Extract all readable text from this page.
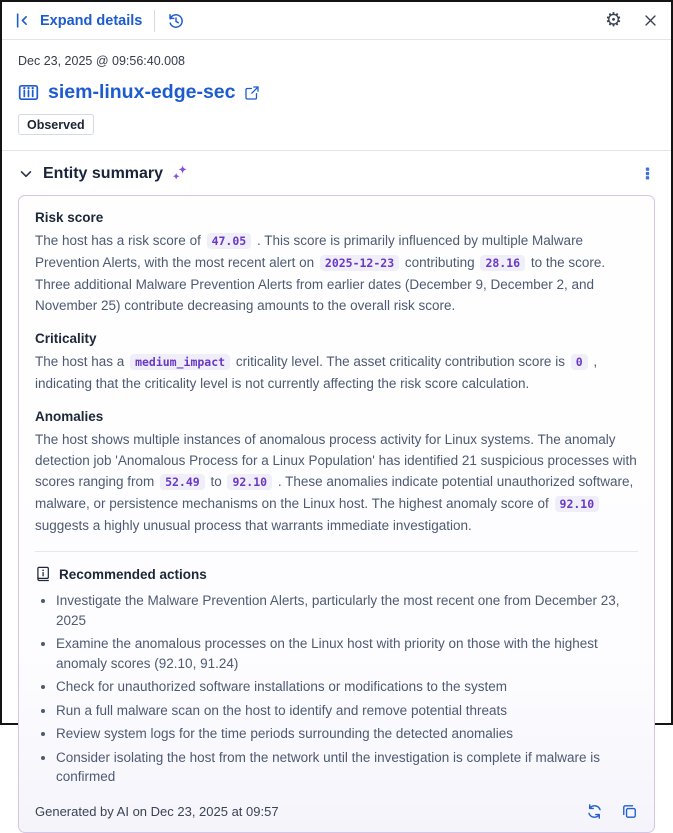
Expand details	⚙
Dec 23, 2025 @ 09:56:40.008
siem-linux-edge-sec
Observed
Entity summary
Risk score

The host has a risk score of 47.05 . This score is primarily influenced by multiple Malware Prevention Alerts, with the most recent alert on 2025-12-23 contributing 28.16 to the score. Three additional Malware Prevention Alerts from earlier dates (December 9, December 2, and November 25) contribute decreasing amounts to the overall risk score.

Criticality

The host has a medium_impact criticality level. The asset criticality contribution score is 0 , indicating that the criticality level is not currently affecting the risk score calculation.

Anomalies

The host shows multiple instances of anomalous process activity for Linux systems. The anomaly detection job 'Anomalous Process for a Linux Population' has identified 21 suspicious processes with scores ranging from 52.49 to 92.10 . These anomalies indicate potential unauthorized software, malware, or persistence mechanisms on the Linux host. The highest anomaly score of 92.10 suggests a highly unusual process that warrants immediate investigation.

Recommended actions
• Investigate the Malware Prevention Alerts, particularly the most recent one from December 23, 2025
• Examine the anomalous processes on the Linux host with priority on those with the highest anomaly scores (92.10, 91.24)
• Check for unauthorized software installations or modifications to the system
• Run a full malware scan on the host to identify and remove potential threats
• Review system logs for the time periods surrounding the detected anomalies
• Consider isolating the host from the network until the investigation is complete if malware is confirmed
Generated by AI on Dec 23, 2025 at 09:57
